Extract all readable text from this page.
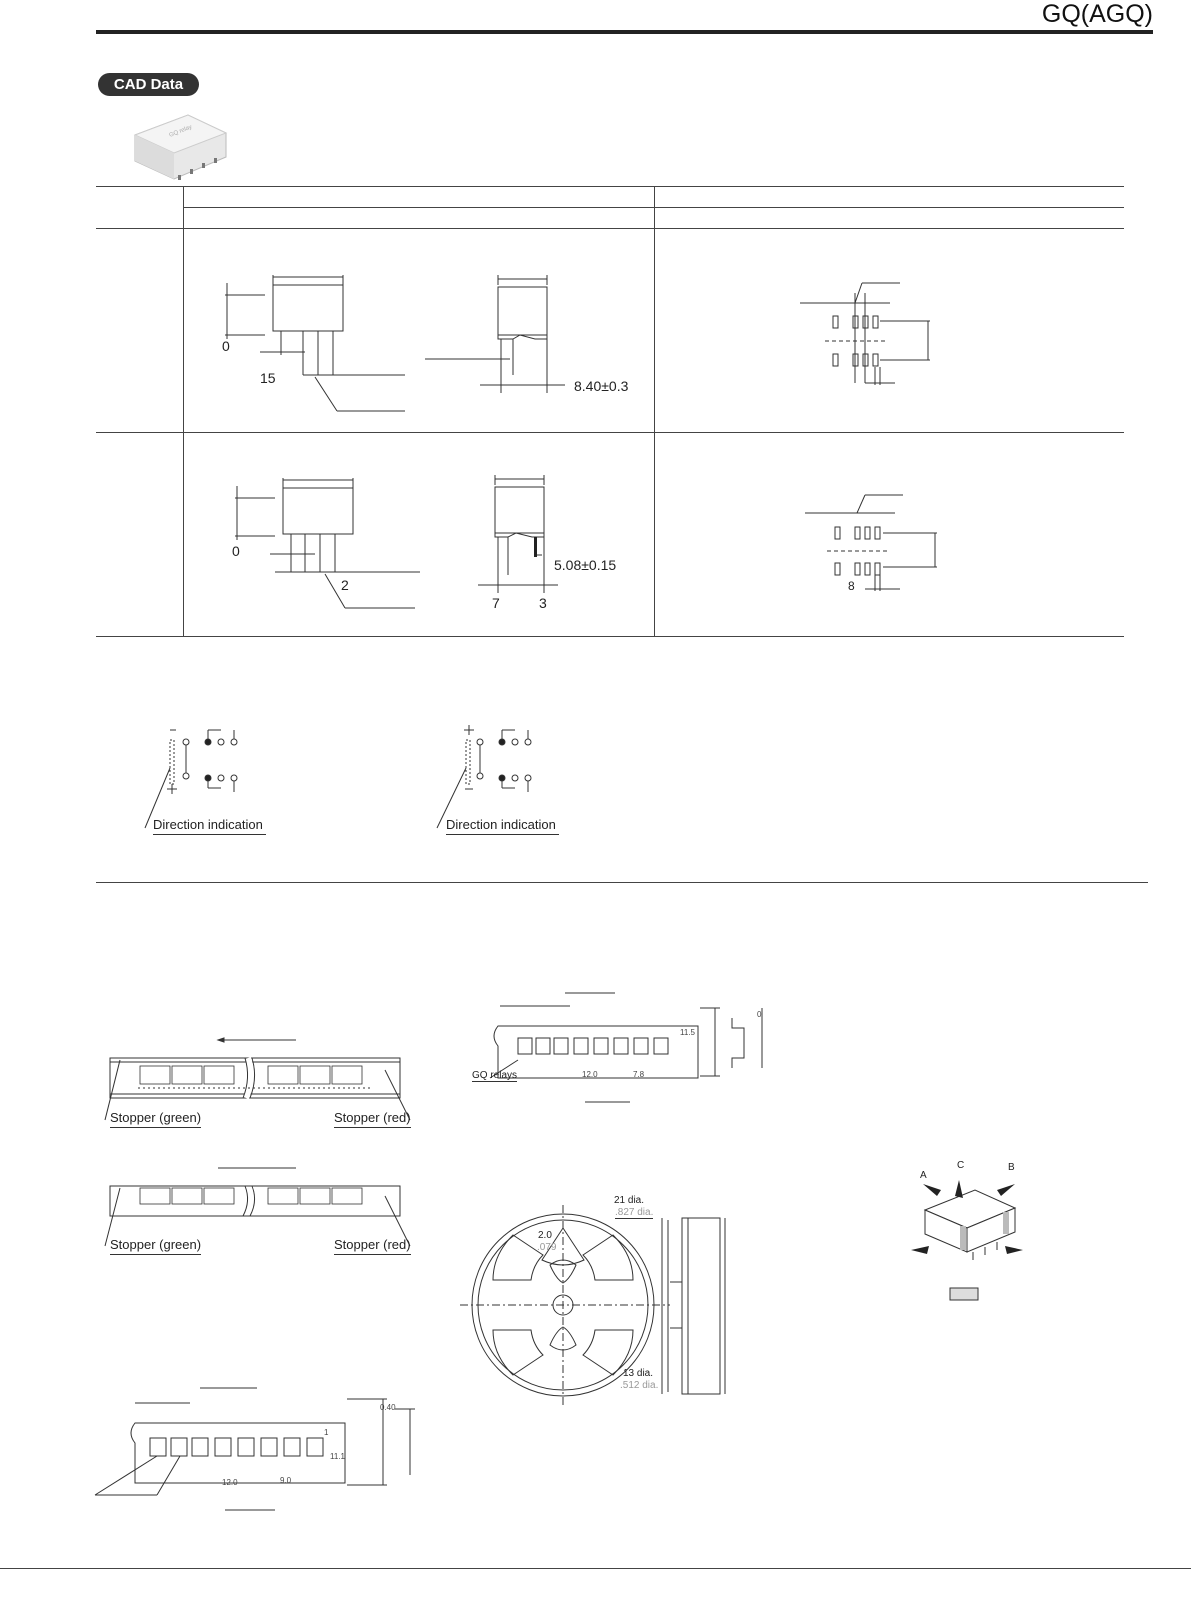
GQ(AGQ)
CAD Data
GQ relay
0
15	8.40±0.3
0
2
5.08±0.15
7	3
8
Direction indication	Direction indication
Stopper (green)	Stopper (red)
Stopper (green)	Stopper (red)
GQ relays	12.0	7.8
11.5
0
0.40
1
11.1
12.0	9.0
21 dia.
.827 dia.
2.0
.079
13 dia.
.512 dia.
A
C	B
